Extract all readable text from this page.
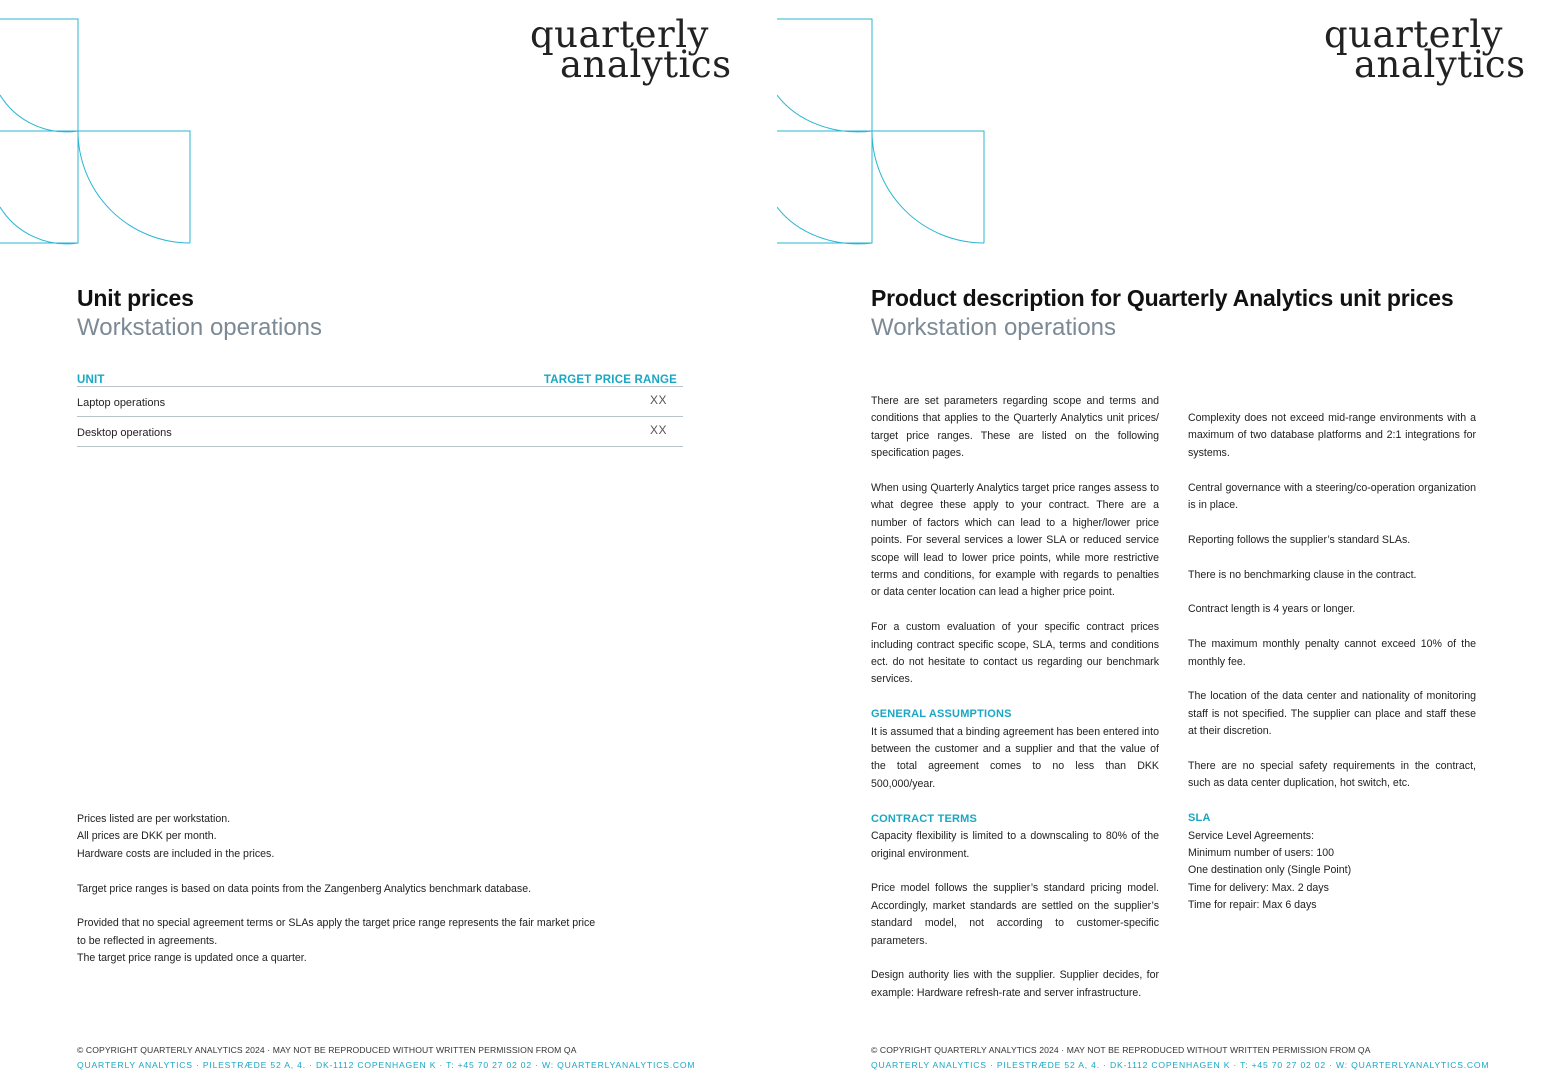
quarterly
analytics
Unit prices
Workstation operations
UNIT	TARGET PRICE RANGE
Laptop operations	XX
Desktop operations	XX

Prices listed are per workstation.

All prices are DKK per month.

Hardware costs are included in the prices.

Target price ranges is based on data points from the Zangenberg Analytics benchmark database.

Provided that no special agreement terms or SLAs apply the target price range represents the fair market price to be reflected in agreements.

The target price range is updated once a quarter.

© COPYRIGHT QUARTERLY ANALYTICS 2024 · MAY NOT BE REPRODUCED WITHOUT WRITTEN PERMISSION FROM QA
QUARTERLY ANALYTICS · PILESTRÆDE 52 A, 4. · DK-1112 COPENHAGEN K · T: +45 70 27 02 02 · W: QUARTERLYANALYTICS.COM
quarterly
analytics
Product description for Quarterly Analytics unit prices
Workstation operations

There are set parameters regarding scope and terms and conditions that applies to the Quarterly Analytics unit prices/ target price ranges. These are listed on the following specification pages.

When using Quarterly Analytics target price ranges assess to what degree these apply to your contract. There are a number of factors which can lead to a higher/lower price points. For several services a lower SLA or reduced service scope will lead to lower price points, while more restrictive terms and conditions, for example with regards to penalties or data center location can lead a higher price point.

For a custom evaluation of your specific contract prices including contract specific scope, SLA, terms and conditions ect. do not hesitate to contact us regarding our benchmark services.

GENERAL ASSUMPTIONS

It is assumed that a binding agreement has been entered into between the customer and a supplier and that the value of the total agreement comes to no less than DKK 500,000/year.

CONTRACT TERMS

Capacity flexibility is limited to a downscaling to 80% of the original environment.

Price model follows the supplier’s standard pricing model. Accordingly, market standards are settled on the supplier’s standard model, not according to customer-specific parameters.

Design authority lies with the supplier. Supplier decides, for example: Hardware refresh-rate and server infrastructure.

Complexity does not exceed mid-range environments with a maximum of two database platforms and 2:1 integrations for systems.

Central governance with a steering/co-operation organization is in place.

Reporting follows the supplier’s standard SLAs.

There is no benchmarking clause in the contract.

Contract length is 4 years or longer.

The maximum monthly penalty cannot exceed 10% of the monthly fee.

The location of the data center and nationality of monitoring staff is not specified. The supplier can place and staff these at their discretion.

There are no special safety requirements in the contract, such as data center duplication, hot switch, etc.

SLA

Service Level Agreements:

Minimum number of users: 100

One destination only (Single Point)

Time for delivery: Max. 2 days

Time for repair: Max 6 days

© COPYRIGHT QUARTERLY ANALYTICS 2024 · MAY NOT BE REPRODUCED WITHOUT WRITTEN PERMISSION FROM QA
QUARTERLY ANALYTICS · PILESTRÆDE 52 A, 4. · DK-1112 COPENHAGEN K · T: +45 70 27 02 02 · W: QUARTERLYANALYTICS.COM
